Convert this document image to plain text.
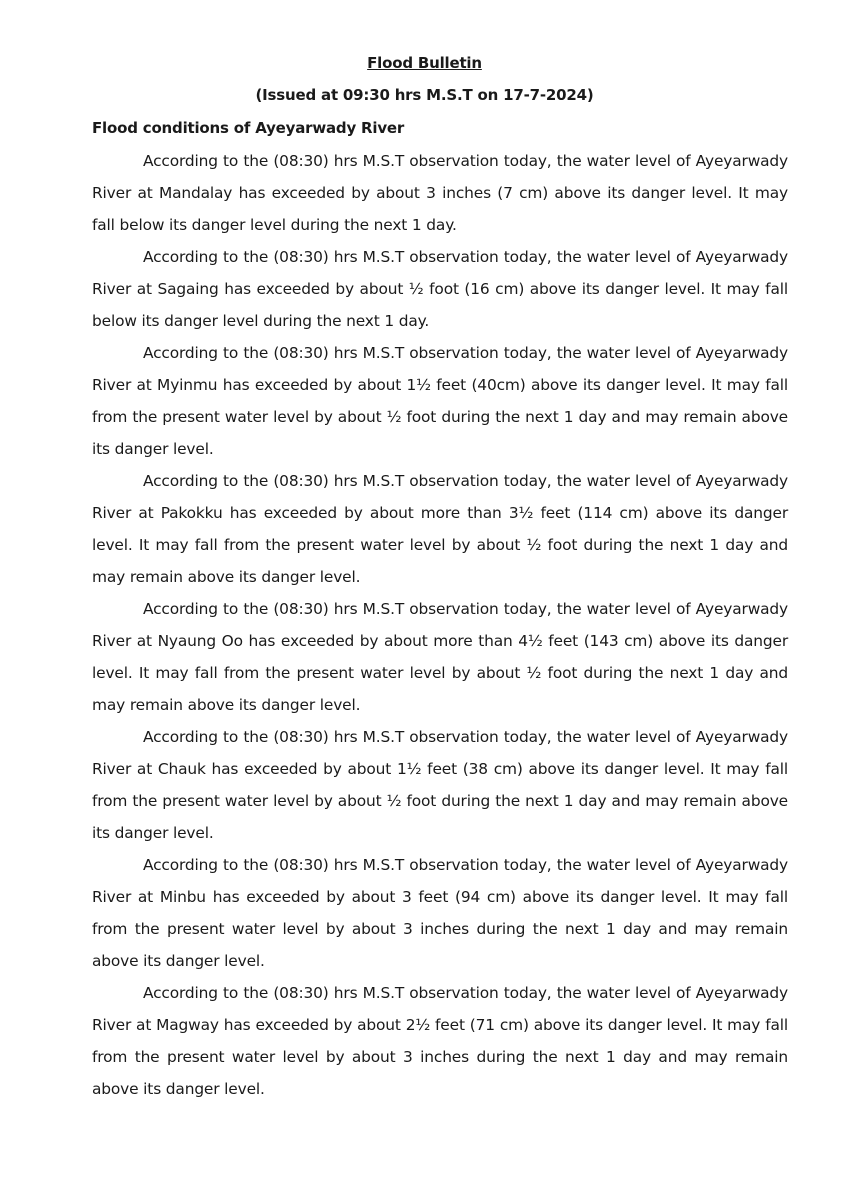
Flood Bulletin
(Issued at 09:30 hrs M.S.T on 17-7-2024)
Flood conditions of Ayeyarwady River

According to the (08:30) hrs M.S.T observation today, the water level of Ayeyarwady River at Mandalay has exceeded by about 3 inches (7 cm) above its danger level. It may fall below its danger level during the next 1 day.

According to the (08:30) hrs M.S.T observation today, the water level of Ayeyarwady River at Sagaing has exceeded by about ½ foot (16 cm) above its danger level. It may fall below its danger level during the next 1 day.

According to the (08:30) hrs M.S.T observation today, the water level of Ayeyarwady River at Myinmu has exceeded by about 1½ feet (40cm) above its danger level. It may fall from the present water level by about ½ foot during the next 1 day and may remain above its danger level.

According to the (08:30) hrs M.S.T observation today, the water level of Ayeyarwady River at Pakokku has exceeded by about more than 3½ feet (114 cm) above its danger level. It may fall from the present water level by about ½ foot during the next 1 day and may remain above its danger level.

According to the (08:30) hrs M.S.T observation today, the water level of Ayeyarwady River at Nyaung Oo has exceeded by about more than 4½ feet (143 cm) above its danger level. It may fall from the present water level by about ½ foot during the next 1 day and may remain above its danger level.

According to the (08:30) hrs M.S.T observation today, the water level of Ayeyarwady River at Chauk has exceeded by about 1½ feet (38 cm) above its danger level. It may fall from the present water level by about ½ foot during the next 1 day and may remain above its danger level.

According to the (08:30) hrs M.S.T observation today, the water level of Ayeyarwady River at Minbu has exceeded by about 3 feet (94 cm) above its danger level. It may fall from the present water level by about 3 inches during the next 1 day and may remain above its danger level.

According to the (08:30) hrs M.S.T observation today, the water level of Ayeyarwady River at Magway has exceeded by about 2½ feet (71 cm) above its danger level. It may fall from the present water level by about 3 inches during the next 1 day and may remain above its danger level.
